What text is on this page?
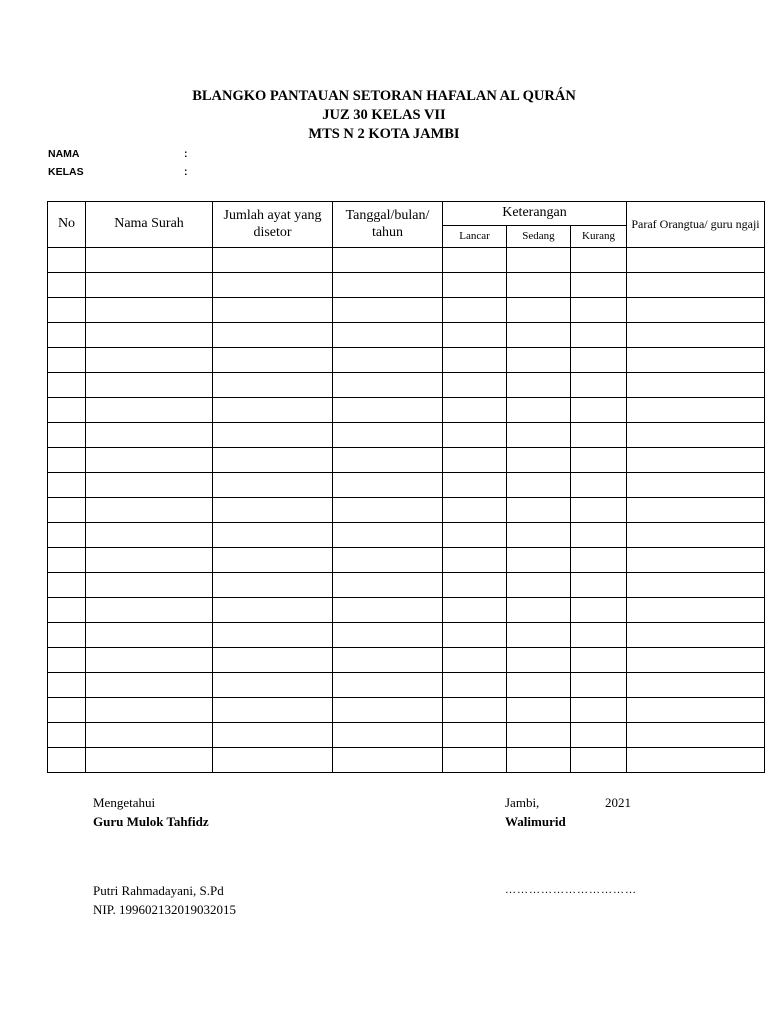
BLANGKO PANTAUAN SETORAN HAFALAN AL QURÁN
JUZ 30 KELAS VII
MTS N 2 KOTA JAMBI
NAMA	:
KELAS	:
No	Nama Surah	Jumlah ayat yang disetor	Tanggal/bulan/ tahun	Keterangan			Paraf Orangtua/ guru ngaji
				Lancar	Sedang	Kurang	

Mengetahui
Guru Mulok Tahfidz
Putri Rahmadayani, S.Pd
NIP. 199602132019032015
Jambi,	2021
Walimurid
……………………………
